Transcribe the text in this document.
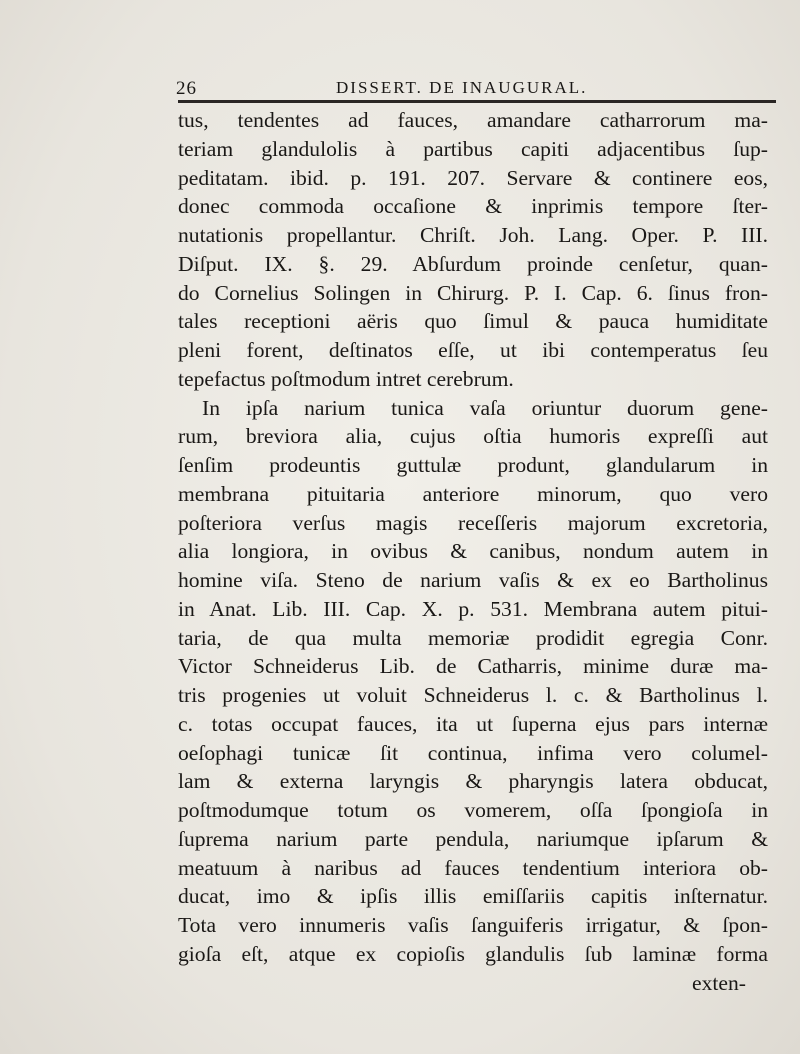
26	DISSERT. DE INAUGURAL.
tus, tendentes ad fauces, amandare catharrorum ma-
teriam glandulolis à partibus capiti adjacentibus ſup-
peditatam. ibid. p. 191. 207. Servare & continere eos,
donec commoda occaſione & inprimis tempore ſter-
nutationis propellantur. Chriſt. Joh. Lang. Oper. P. III.
Diſput. IX. §. 29. Abſurdum proinde cenſetur, quan-
do Cornelius Solingen in Chirurg. P. I. Cap. 6. ſinus fron-
tales receptioni aëris quo ſimul & pauca humiditate
pleni forent, deſtinatos eſſe, ut ibi contemperatus ſeu
tepefactus poſtmodum intret cerebrum.
In ipſa narium tunica vaſa oriuntur duorum gene-
rum, breviora alia, cujus oſtia humoris expreſſi aut
ſenſim prodeuntis guttulæ produnt, glandularum in
membrana pituitaria anteriore minorum, quo vero
poſteriora verſus magis receſſeris majorum excretoria,
alia longiora, in ovibus & canibus, nondum autem in
homine viſa. Steno de narium vaſis & ex eo Bartholinus
in Anat. Lib. III. Cap. X. p. 531. Membrana autem pitui-
taria, de qua multa memoriæ prodidit egregia Conr.
Victor Schneiderus Lib. de Catharris, minime duræ ma-
tris progenies ut voluit Schneiderus l. c. & Bartholinus l.
c. totas occupat fauces, ita ut ſuperna ejus pars internæ
oeſophagi tunicæ ſit continua, infima vero columel-
lam & externa laryngis & pharyngis latera obducat,
poſtmodumque totum os vomerem, oſſa ſpongioſa in
ſuprema narium parte pendula, nariumque ipſarum &
meatuum à naribus ad fauces tendentium interiora ob-
ducat, imo & ipſis illis emiſſariis capitis inſternatur.
Tota vero innumeris vaſis ſanguiferis irrigatur, & ſpon-
gioſa eſt, atque ex copioſis glandulis ſub laminæ forma
exten-
